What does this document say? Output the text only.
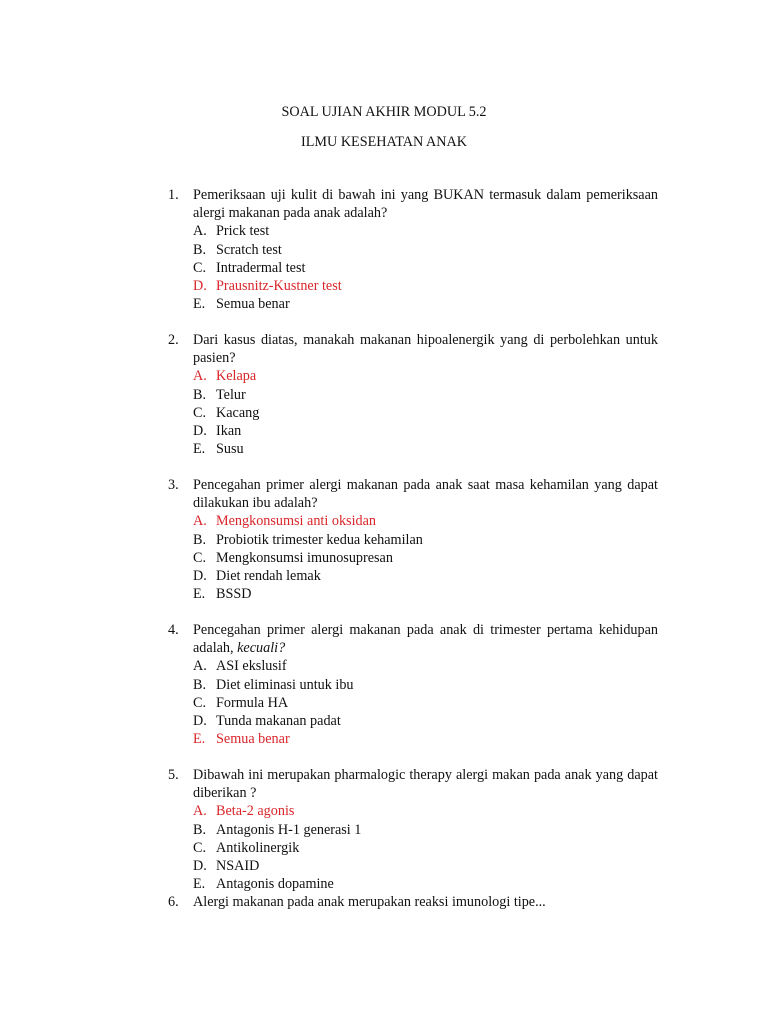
SOAL UJIAN AKHIR MODUL 5.2
ILMU KESEHATAN ANAK
1.	Pemeriksaan uji kulit di bawah ini yang BUKAN termasuk dalam pemeriksaan alergi makanan pada anak adalah?
A. Prick test
B. Scratch test
C. Intradermal test
D. Prausnitz-Kustner test
E. Semua benar
2.	Dari kasus diatas, manakah makanan hipoalenergik yang di perbolehkan untuk pasien?
A. Kelapa
B. Telur
C. Kacang
D. Ikan
E. Susu
3.	Pencegahan primer alergi makanan pada anak saat masa kehamilan yang dapat dilakukan ibu adalah?
A. Mengkonsumsi anti oksidan
B. Probiotik trimester kedua kehamilan
C. Mengkonsumsi imunosupresan
D. Diet rendah lemak
E. BSSD
4.	Pencegahan primer alergi makanan pada anak di trimester pertama kehidupan adalah, kecuali?
A. ASI ekslusif
B. Diet eliminasi untuk ibu
C. Formula HA
D. Tunda makanan padat
E. Semua benar
5.	Dibawah ini merupakan pharmalogic therapy alergi makan pada anak yang dapat diberikan ?
A. Beta-2 agonis
B. Antagonis H-1 generasi 1
C. Antikolinergik
D. NSAID
E. Antagonis dopamine
6.	Alergi makanan pada anak merupakan reaksi imunologi tipe...
